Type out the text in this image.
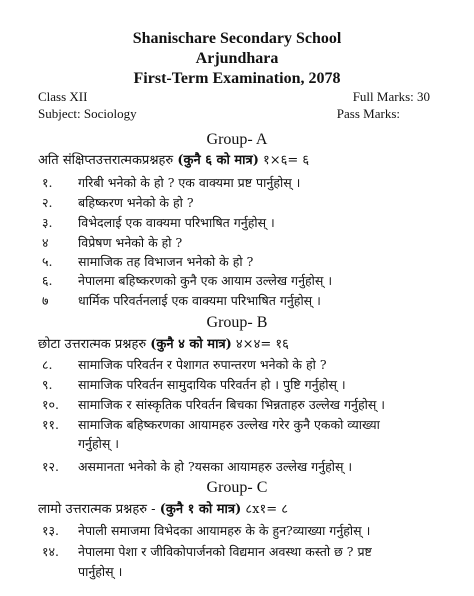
Shanischare Secondary School
Arjundhara
First-Term Examination, 2078
Class XII	Full Marks: 30
Subject: Sociology	Pass Marks:
Group- A
अति संक्षिप्तउत्तरात्मकप्रश्नहरु (कुनै ६ को मात्र) १×६= ६
१.	गरिबी भनेको के हो ? एक वाक्यमा प्रष्ट पार्नुहोस् ।
२.	बहिष्करण भनेको के हो ?
३.	विभेदलाई एक वाक्यमा परिभाषित गर्नुहोस् ।
४	विप्रेषण भनेको के हो ?
५.	सामाजिक तह विभाजन भनेको के हो ?
६.	नेपालमा बहिष्करणको कुनै एक आयाम उल्लेख गर्नुहोस् ।
७	धार्मिक परिवर्तनलाई एक वाक्यमा परिभाषित गर्नुहोस् ।
Group- B
छोटा उत्तरात्मक प्रश्नहरु (कुनै ४ को मात्र) ४×४= १६
८.	सामाजिक परिवर्तन र पेशागत रुपान्तरण भनेको के हो ?
९.	सामाजिक परिवर्तन सामुदायिक परिवर्तन हो । पुष्टि गर्नुहोस् ।
१०.	सामाजिक र सांस्कृतिक परिवर्तन बिचका भिन्नताहरु उल्लेख गर्नुहोस् ।
११.	सामाजिक बहिष्करणका आयामहरु उल्लेख गरेर कुनै एकको व्याख्या
गर्नुहोस् ।
१२.	असमानता भनेको के हो ?यसका आयामहरु उल्लेख गर्नुहोस् ।
Group- C
लामो उत्तरात्मक प्रश्नहरु - (कुनै १ को मात्र) ८x१= ८
१३.	नेपाली समाजमा विभेदका आयामहरु के के हुन?व्याख्या गर्नुहोस् ।
१४.	नेपालमा पेशा र जीविकोपार्जनको विद्यमान अवस्था कस्तो छ ? प्रष्ट
पार्नुहोस् ।
